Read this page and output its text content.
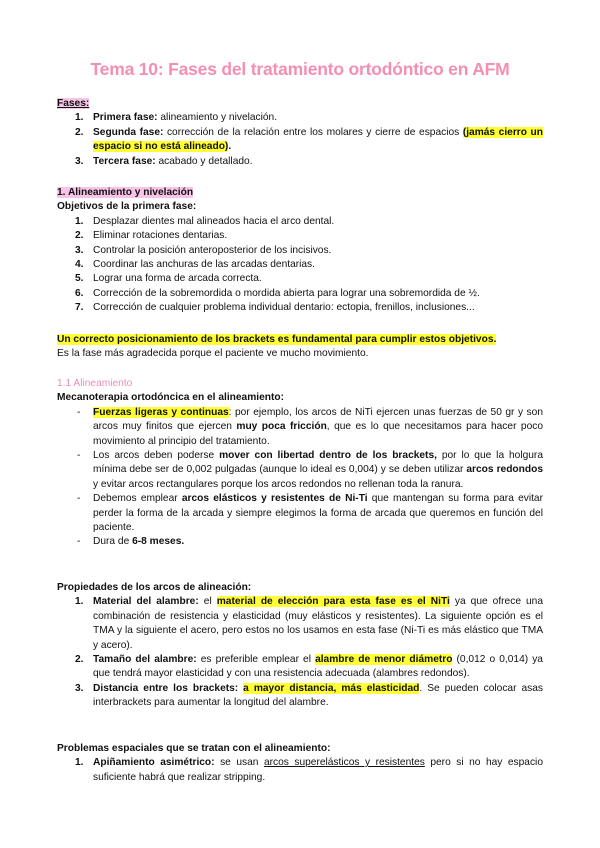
Tema 10: Fases del tratamiento ortodóntico en AFM

Fases:

1. Primera fase: alineamiento y nivelación.
2. Segunda fase: corrección de la relación entre los molares y cierre de espacios (jamás cierro un espacio si no está alineado).
3. Tercera fase: acabado y detallado.

1. Alineamiento y nivelación

Objetivos de la primera fase:

1. Desplazar dientes mal alineados hacia el arco dental.
2. Eliminar rotaciones dentarias.
3. Controlar la posición anteroposterior de los incisivos.
4. Coordinar las anchuras de las arcadas dentarias.
5. Lograr una forma de arcada correcta.
6. Corrección de la sobremordida o mordida abierta para lograr una sobremordida de ½.
7. Corrección de cualquier problema individual dentario: ectopia, frenillos, inclusiones...

Un correcto posicionamiento de los brackets es fundamental para cumplir estos objetivos.

Es la fase más agradecida porque el paciente ve mucho movimiento.

1.1 Alineamiento

Mecanoterapia ortodóncica en el alineamiento:

- Fuerzas ligeras y continuas: por ejemplo, los arcos de NiTi ejercen unas fuerzas de 50 gr y son arcos muy finitos que ejercen muy poca fricción, que es lo que necesitamos para hacer poco movimiento al principio del tratamiento.
- Los arcos deben poderse mover con libertad dentro de los brackets, por lo que la holgura mínima debe ser de 0,002 pulgadas (aunque lo ideal es 0,004) y se deben utilizar arcos redondos y evitar arcos rectangulares porque los arcos redondos no rellenan toda la ranura.
- Debemos emplear arcos elásticos y resistentes de Ni-Ti que mantengan su forma para evitar perder la forma de la arcada y siempre elegimos la forma de arcada que queremos en función del paciente.
- Dura de 6-8 meses.

Propiedades de los arcos de alineación:

1. Material del alambre: el material de elección para esta fase es el NiTi ya que ofrece una combinación de resistencia y elasticidad (muy elásticos y resistentes). La siguiente opción es el TMA y la siguiente el acero, pero estos no los usamos en esta fase (Ni-Ti es más elástico que TMA y acero).
2. Tamaño del alambre: es preferible emplear el alambre de menor diámetro (0,012 o 0,014) ya que tendrá mayor elasticidad y con una resistencia adecuada (alambres redondos).
3. Distancia entre los brackets: a mayor distancia, más elasticidad. Se pueden colocar asas interbrackets para aumentar la longitud del alambre.

Problemas espaciales que se tratan con el alineamiento:

1. Apiñamiento asimétrico: se usan arcos superelásticos y resistentes pero si no hay espacio suficiente habrá que realizar stripping.
